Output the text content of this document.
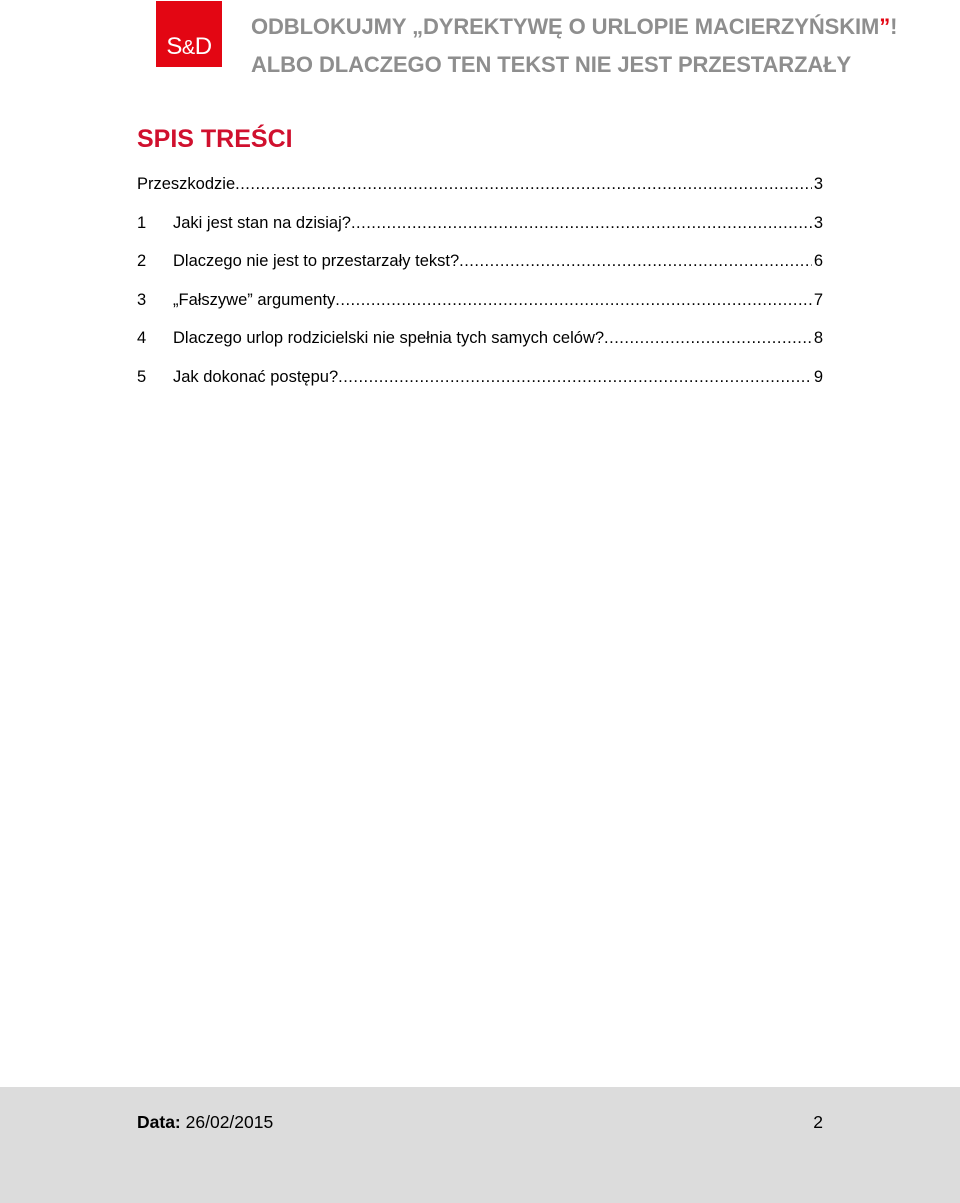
S & D
ODBLOKUJMY „DYREKTYWĘ O URLOPIE MACIERZYŃSKIM”!
ALBO DLACZEGO TEN TEKST NIE JEST PRZESTARZAŁY
SPIS TREŚCI
Przeszkodzie .....	3
1	Jaki jest stan na dzisiaj? .....	3
2	Dlaczego nie jest to przestarzały tekst? .....	6
3	„Fałszywe” argumenty .....	7
4	Dlaczego urlop rodzicielski nie spełnia tych samych celów? .....	8
5	Jak dokonać postępu? .....	9
Data: 26/02/2015	2
